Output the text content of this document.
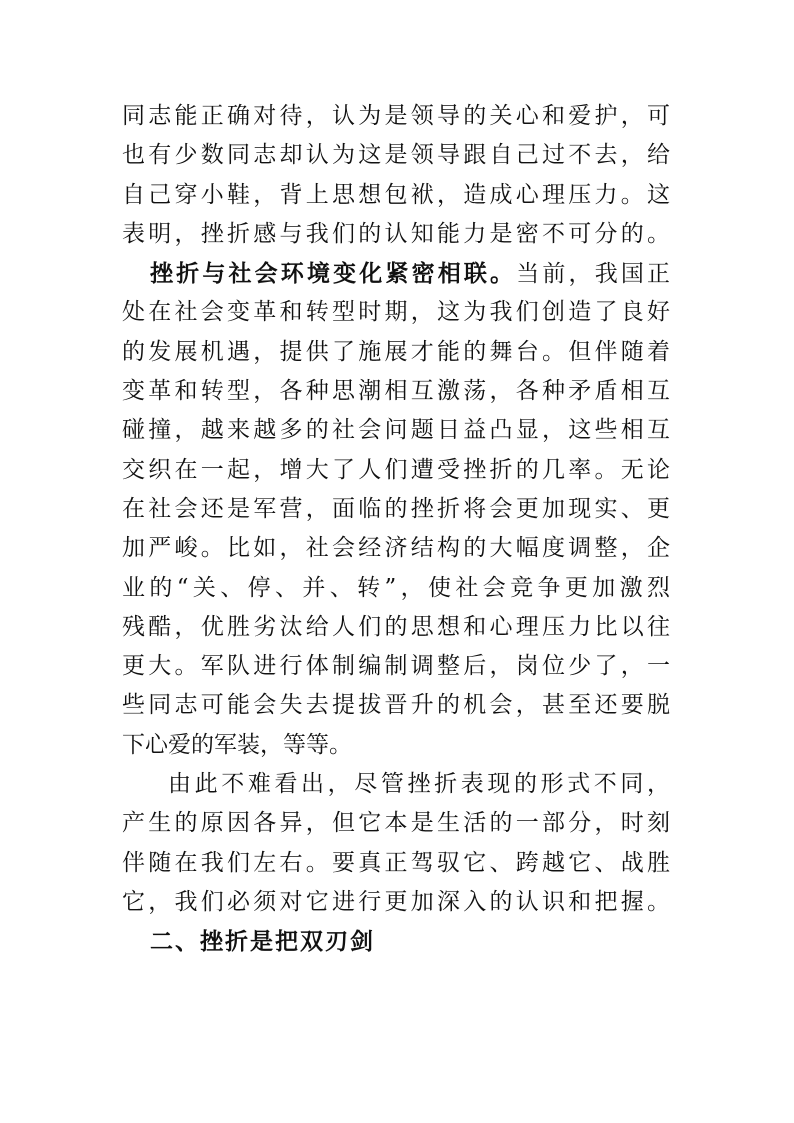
同志能正确对待，认为是领导的关心和爱护，可
也有少数同志却认为这是领导跟自己过不去，给
自己穿小鞋，背上思想包袱，造成心理压力。这
表明，挫折感与我们的认知能力是密不可分的。
挫折与社会环境变化紧密相联。当前，我国正
处在社会变革和转型时期，这为我们创造了良好
的发展机遇，提供了施展才能的舞台。但伴随着
变革和转型，各种思潮相互激荡，各种矛盾相互
碰撞，越来越多的社会问题日益凸显，这些相互
交织在一起，增大了人们遭受挫折的几率。无论
在社会还是军营，面临的挫折将会更加现实、更
加严峻。比如，社会经济结构的大幅度调整，企
业的“关、停、并、转”，使社会竞争更加激烈
残酷，优胜劣汰给人们的思想和心理压力比以往
更大。军队进行体制编制调整后，岗位少了，一
些同志可能会失去提拔晋升的机会，甚至还要脱
下心爱的军装，等等。
由此不难看出，尽管挫折表现的形式不同，
产生的原因各异，但它本是生活的一部分，时刻
伴随在我们左右。要真正驾驭它、跨越它、战胜
它，我们必须对它进行更加深入的认识和把握。
二、挫折是把双刃剑
